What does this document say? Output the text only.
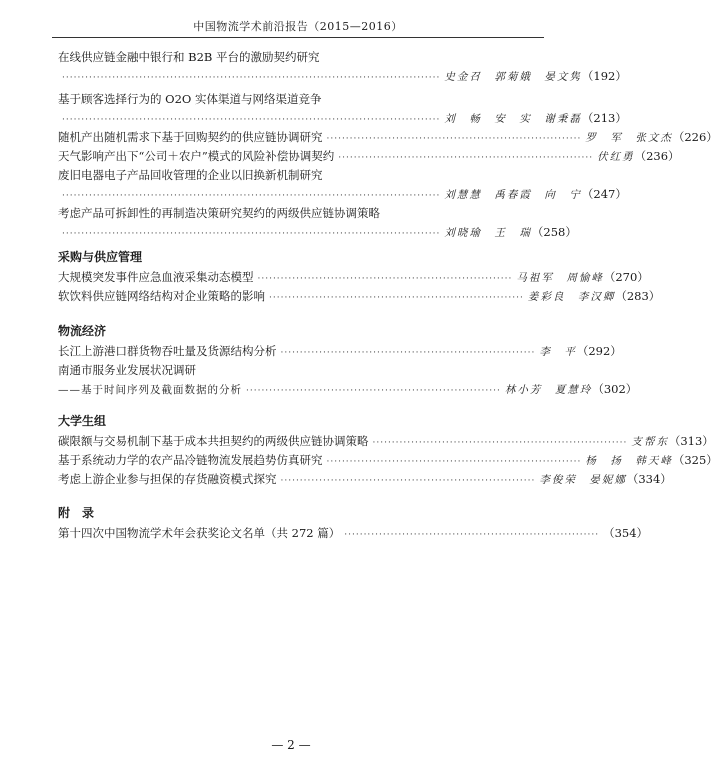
中国物流学术前沿报告（2015—2016）
在线供应链金融中银行和 B2B 平台的激励契约研究
·································································································· 史金召　郭菊娥　晏文隽 （192）
基于顾客选择行为的 O2O 实体渠道与网络渠道竞争
·································································································· 刘　畅　安　实　谢秉磊 （213）
随机产出随机需求下基于回购契约的供应链协调研究 ·································································· 罗　军　张文杰 （226）
天气影响产出下“公司＋农户”模式的风险补偿协调契约 ·································································· 伏红勇 （236）
废旧电器电子产品回收管理的企业以旧换新机制研究
·································································································· 刘慧慧　禹春霞　向　宁 （247）
考虑产品可拆卸性的再制造决策研究契约的两级供应链协调策略
·································································································· 刘晓瑜　王　瑞 （258）
采购与供应管理
大规模突发事件应急血液采集动态模型 ·································································· 马祖军　周愉峰 （270）
软饮料供应链网络结构对企业策略的影响 ·································································· 姜彩良　李汉卿 （283）
物流经济
长江上游港口群货物吞吐量及货源结构分析 ·································································· 李　平 （292）
南通市服务业发展状况调研
——基于时间序列及截面数据的分析 ·································································· 林小芳　夏慧玲 （302）
大学生组
碳限额与交易机制下基于成本共担契约的两级供应链协调策略 ·································································· 支帮东 （313）
基于系统动力学的农产品冷链物流发展趋势仿真研究 ·································································· 杨　扬　韩天峰 （325）
考虑上游企业参与担保的存货融资模式探究 ·································································· 李俊荣　晏妮娜 （334）
附　录
第十四次中国物流学术年会获奖论文名单（共 272 篇） ·································································· （354）
— 2 —
